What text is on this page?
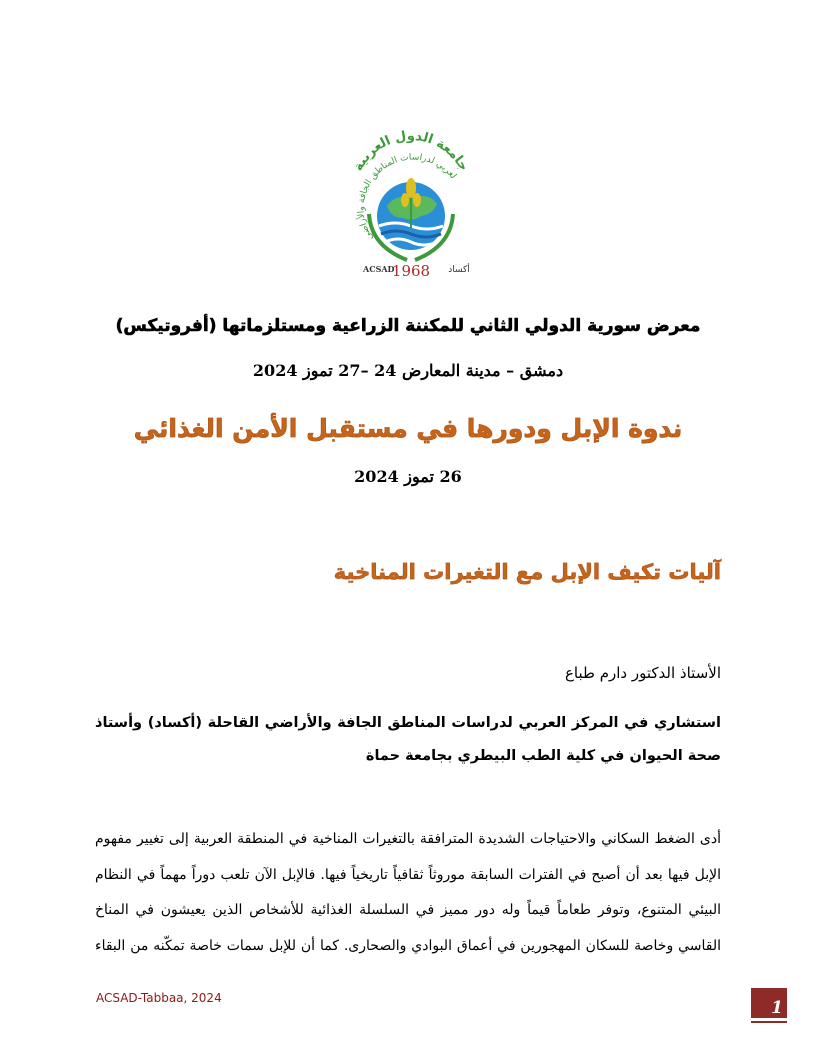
جامعة الدول العربية
لعربي لدراسات المناطق الجافة والأراضي
ACSAD
1968 أكساد
معرض سورية الدولي الثاني للمكننة الزراعية ومستلزماتها (أفروتيكس)
دمشق – مدينة المعارض 24 –27 تموز 2024
ندوة الإبل ودورها في مستقبل الأمن الغذائي
26 تموز 2024
آليات تكيف الإبل مع التغيرات المناخية
الأستاذ الدكتور دارم طباع
استشاري في المركز العربي لدراسات المناطق الجافة والأراضي القاحلة (أكساد) وأستاذ صحة الحيوان في كلية الطب البيطري بجامعة حماة
أدى الضغط السكاني والاحتياجات الشديدة المترافقة بالتغيرات المناخية في المنطقة العربية إلى تغيير مفهوم الإبل فيها بعد أن أصبح في الفترات السابقة موروثاً ثقافياً تاريخياً فيها. فالإبل الآن تلعب دوراً مهماً في النظام البيئي المتنوع، وتوفر طعاماً قيماً وله دور مميز في السلسلة الغذائية للأشخاص الذين يعيشون في المناخ القاسي وخاصة للسكان المهجورين في أعماق البوادي والصحارى. كما أن للإبل سمات خاصة تمكّنه من البقاء
ACSAD-Tabbaa, 2024	1
